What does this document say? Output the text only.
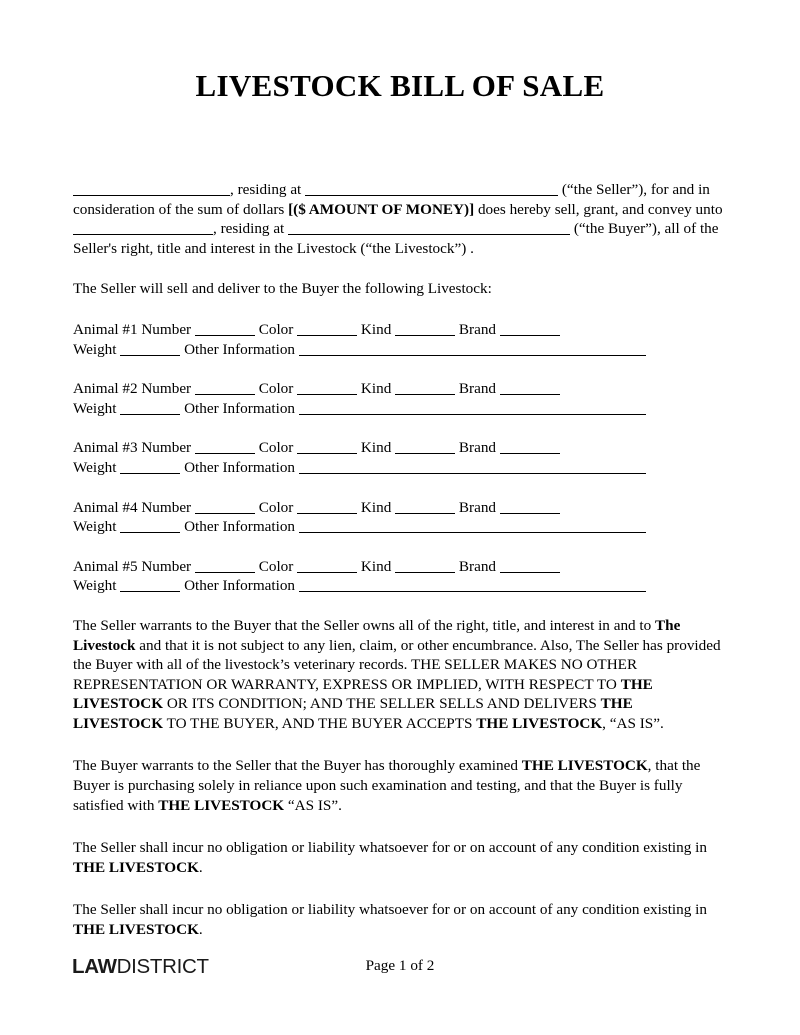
LIVESTOCK BILL OF SALE

, residing at	(“the Seller”), for and in consideration of the sum of dollars [($ AMOUNT OF MONEY)] does hereby sell, grant, and convey unto , residing at	(“the Buyer”), all of the Seller's right, title and interest in the Livestock (“the Livestock”) .

The Seller will sell and deliver to the Buyer the following Livestock:

Animal #1 Number	Color	Kind	Brand
Weight	Other Information
Animal #2 Number	Color	Kind	Brand
Weight	Other Information
Animal #3 Number	Color	Kind	Brand
Weight	Other Information
Animal #4 Number	Color	Kind	Brand
Weight	Other Information
Animal #5 Number	Color	Kind	Brand
Weight	Other Information

The Seller warrants to the Buyer that the Seller owns all of the right, title, and interest in and to The Livestock and that it is not subject to any lien, claim, or other encumbrance. Also, The Seller has provided the Buyer with all of the livestock’s veterinary records. THE SELLER MAKES NO OTHER REPRESENTATION OR WARRANTY, EXPRESS OR IMPLIED, WITH RESPECT TO THE LIVESTOCK OR ITS CONDITION; AND THE SELLER SELLS AND DELIVERS THE LIVESTOCK TO THE BUYER, AND THE BUYER ACCEPTS THE LIVESTOCK, “AS IS”.

The Buyer warrants to the Seller that the Buyer has thoroughly examined THE LIVESTOCK, that the Buyer is purchasing solely in reliance upon such examination and testing, and that the Buyer is fully satisfied with THE LIVESTOCK “AS IS”.

The Seller shall incur no obligation or liability whatsoever for or on account of any condition existing in THE LIVESTOCK.

The Seller shall incur no obligation or liability whatsoever for or on account of any condition existing in THE LIVESTOCK.

LAWDISTRICT	Page 1 of 2
